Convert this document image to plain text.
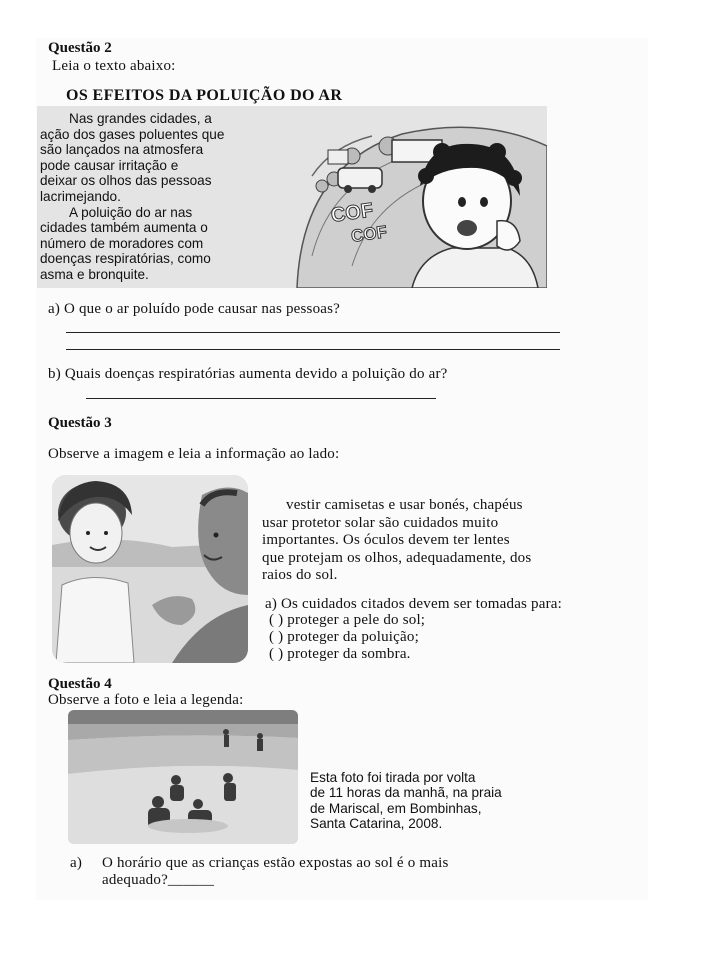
Questão 2
Leia o texto abaixo:
OS EFEITOS DA POLUIÇÃO DO AR
Nas grandes cidades, a
ação dos gases poluentes que
são lançados na atmosfera
pode causar irritação e
deixar os olhos das pessoas
lacrimejando.
A poluição do ar nas
cidades também aumenta o
número de moradores com
doenças respiratórias, como
asma e bronquite.
COF
COF
a) O que o ar poluído pode causar nas pessoas?
b) Quais doenças respiratórias aumenta devido a poluição do ar?
Questão 3
Observe a imagem e leia a informação ao lado:
vestir camisetas e usar bonés, chapéus
usar protetor solar são cuidados muito
importantes. Os óculos devem ter lentes
que protejam os olhos, adequadamente, dos
raios do sol.
a) Os cuidados citados devem ser tomadas para:
( ) proteger a pele do sol;
( ) proteger da poluição;
( ) proteger da sombra.
Questão 4
Observe a foto e leia a legenda:
Esta foto foi tirada por volta
de 11 horas da manhã, na praia
de Mariscal, em Bombinhas,
Santa Catarina, 2008.
a) O horário que as crianças estão expostas ao sol é o mais
adequado?______
